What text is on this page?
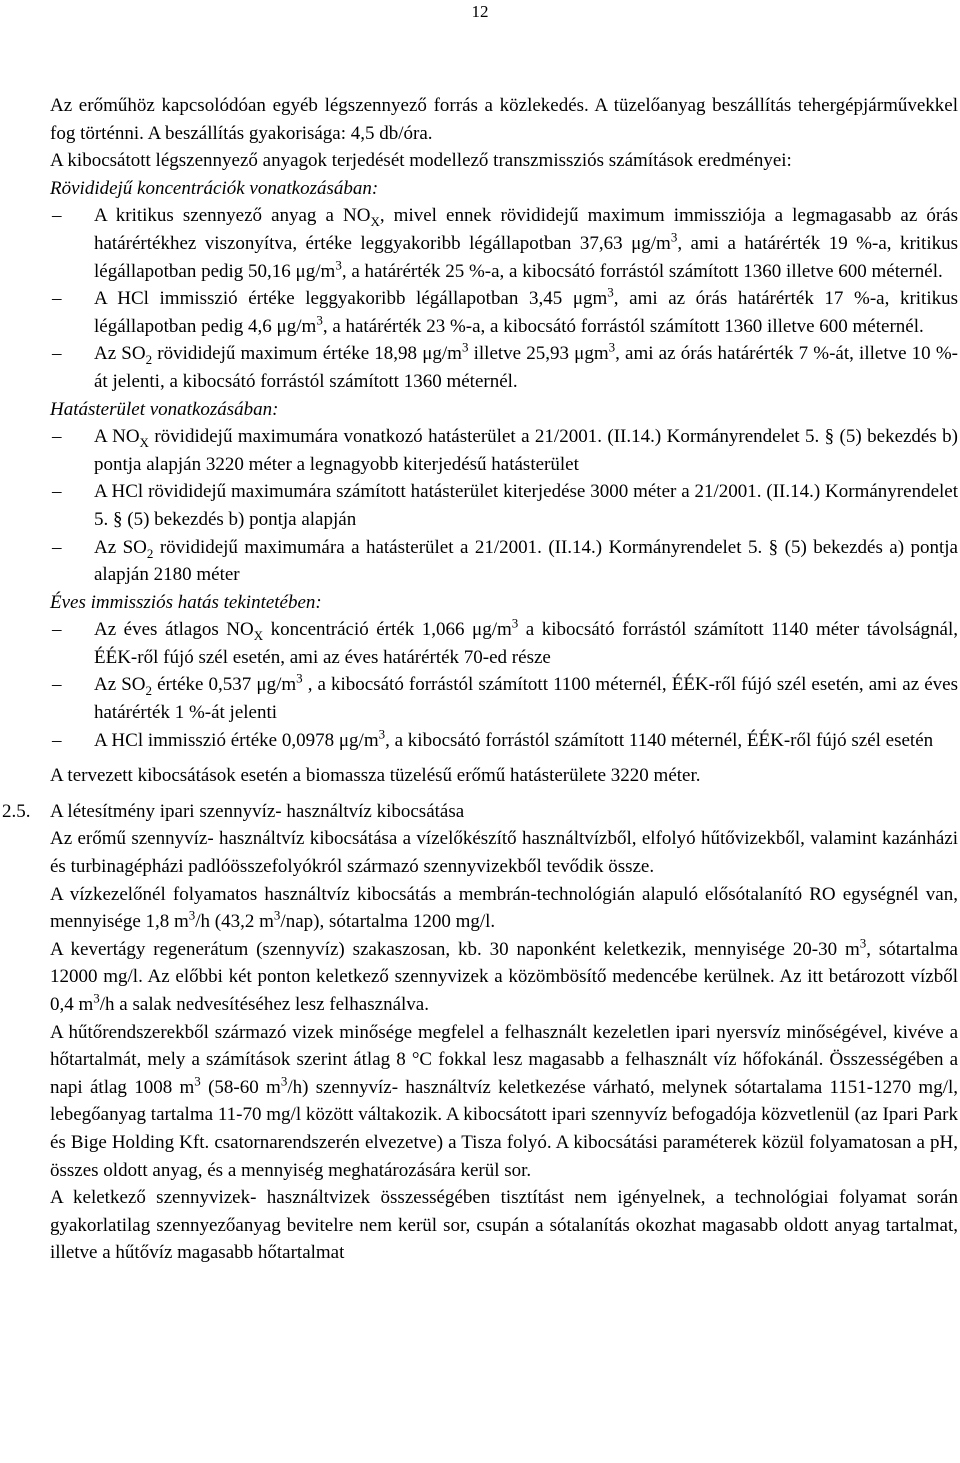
12

Az erőműhöz kapcsolódóan egyéb légszennyező forrás a közlekedés. A tüzelőanyag beszállítás tehergépjárművekkel fog történni. A beszállítás gyakorisága: 4,5 db/óra.

A kibocsátott légszennyező anyagok terjedését modellező transzmissziós számítások eredményei:

Rövididejű koncentrációk vonatkozásában:

– A kritikus szennyező anyag a $NO_X$, mivel ennek rövididejű maximum immissziója a legmagasabb az órás határértékhez viszonyítva, értéke leggyakoribb légállapotban 37,63 $\mu g/m^3$, ami a határérték 19 %-a, kritikus légállapotban pedig 50,16 $\mu g/m^3$, a határérték 25 %-a, a kibocsátó forrástól számított 1360 illetve 600 méternél.
– A HCl immisszió értéke leggyakoribb légállapotban 3,45 μgm$^3$, ami az órás határérték 17 %-a, kritikus légállapotban pedig 4,6 $\mu g/m^3$, a határérték 23 %-a, a kibocsátó forrástól számított 1360 illetve 600 méternél.
– Az $SO_2$ rövididejű maximum értéke 18,98 $\mu g/m^3$ illetve 25,93 μgm$^3$, ami az órás határérték 7 %-át, illetve 10 %-át jelenti, a kibocsátó forrástól számított 1360 méternél.

Hatásterület vonatkozásában:

– A $NO_X$ rövididejű maximumára vonatkozó hatásterület a 21/2001. (II.14.) Kormányrendelet 5. § (5) bekezdés b) pontja alapján 3220 méter a legnagyobb kiterjedésű hatásterület
– A HCl rövididejű maximumára számított hatásterület kiterjedése 3000 méter a 21/2001. (II.14.) Kormányrendelet 5. § (5) bekezdés b) pontja alapján
– Az $SO_2$ rövididejű maximumára a hatásterület a 21/2001. (II.14.) Kormányrendelet 5. § (5) bekezdés a) pontja alapján 2180 méter

Éves immissziós hatás tekintetében:

– Az éves átlagos $NO_X$ koncentráció érték 1,066 $\mu g/m^3$ a kibocsátó forrástól számított 1140 méter távolságnál, ÉÉK-ről fújó szél esetén, ami az éves határérték 70-ed része
– Az $SO_2$ értéke 0,537 $\mu g/m^3$ , a kibocsátó forrástól számított 1100 méternél, ÉÉK-ről fújó szél esetén, ami az éves határérték 1 %-át jelenti
– A HCl immisszió értéke 0,0978 $\mu g/m^3$, a kibocsátó forrástól számított 1140 méternél, ÉÉK-ről fújó szél esetén

A tervezett kibocsátások esetén a biomassza tüzelésű erőmű hatásterülete 3220 méter.

2.5. A létesítmény ipari szennyvíz- használtvíz kibocsátása

Az erőmű szennyvíz- használtvíz kibocsátása a vízelőkészítő használtvízből, elfolyó hűtővizekből, valamint kazánházi és turbinagépházi padlóösszefolyókról származó szennyvizekből tevődik össze.

A vízkezelőnél folyamatos használtvíz kibocsátás a membrán-technológián alapuló elősótalanító RO egységnél van, mennyisége 1,8 $m^3/h$ (43,2 $m^3/nap$), sótartalma 1200 mg/l.

A kevertágy regenerátum (szennyvíz) szakaszosan, kb. 30 naponként keletkezik, mennyisége 20-30 $m^3$, sótartalma 12000 mg/l. Az előbbi két ponton keletkező szennyvizek a közömbösítő medencébe kerülnek. Az itt betározott vízből 0,4 $m^3/h$ a salak nedvesítéséhez lesz felhasználva.

A hűtőrendszerekből származó vizek minősége megfelel a felhasznált kezeletlen ipari nyersvíz minőségével, kivéve a hőtartalmát, mely a számítások szerint átlag 8 °C fokkal lesz magasabb a felhasznált víz hőfokánál. Összességében a napi átlag 1008 $m^3$ (58-60 $m^3/h$) szennyvíz- használtvíz keletkezése várható, melynek sótartalama 1151-1270 mg/l, lebegőanyag tartalma 11-70 mg/l között váltakozik. A kibocsátott ipari szennyvíz befogadója közvetlenül (az Ipari Park és Bige Holding Kft. csatornarendszerén elvezetve) a Tisza folyó. A kibocsátási paraméterek közül folyamatosan a pH, összes oldott anyag, és a mennyiség meghatározására kerül sor.

A keletkező szennyvizek- használtvizek összességében tisztítást nem igényelnek, a technológiai folyamat során gyakorlatilag szennyezőanyag bevitelre nem kerül sor, csupán a sótalanítás okozhat magasabb oldott anyag tartalmat, illetve a hűtővíz magasabb hőtartalmat
